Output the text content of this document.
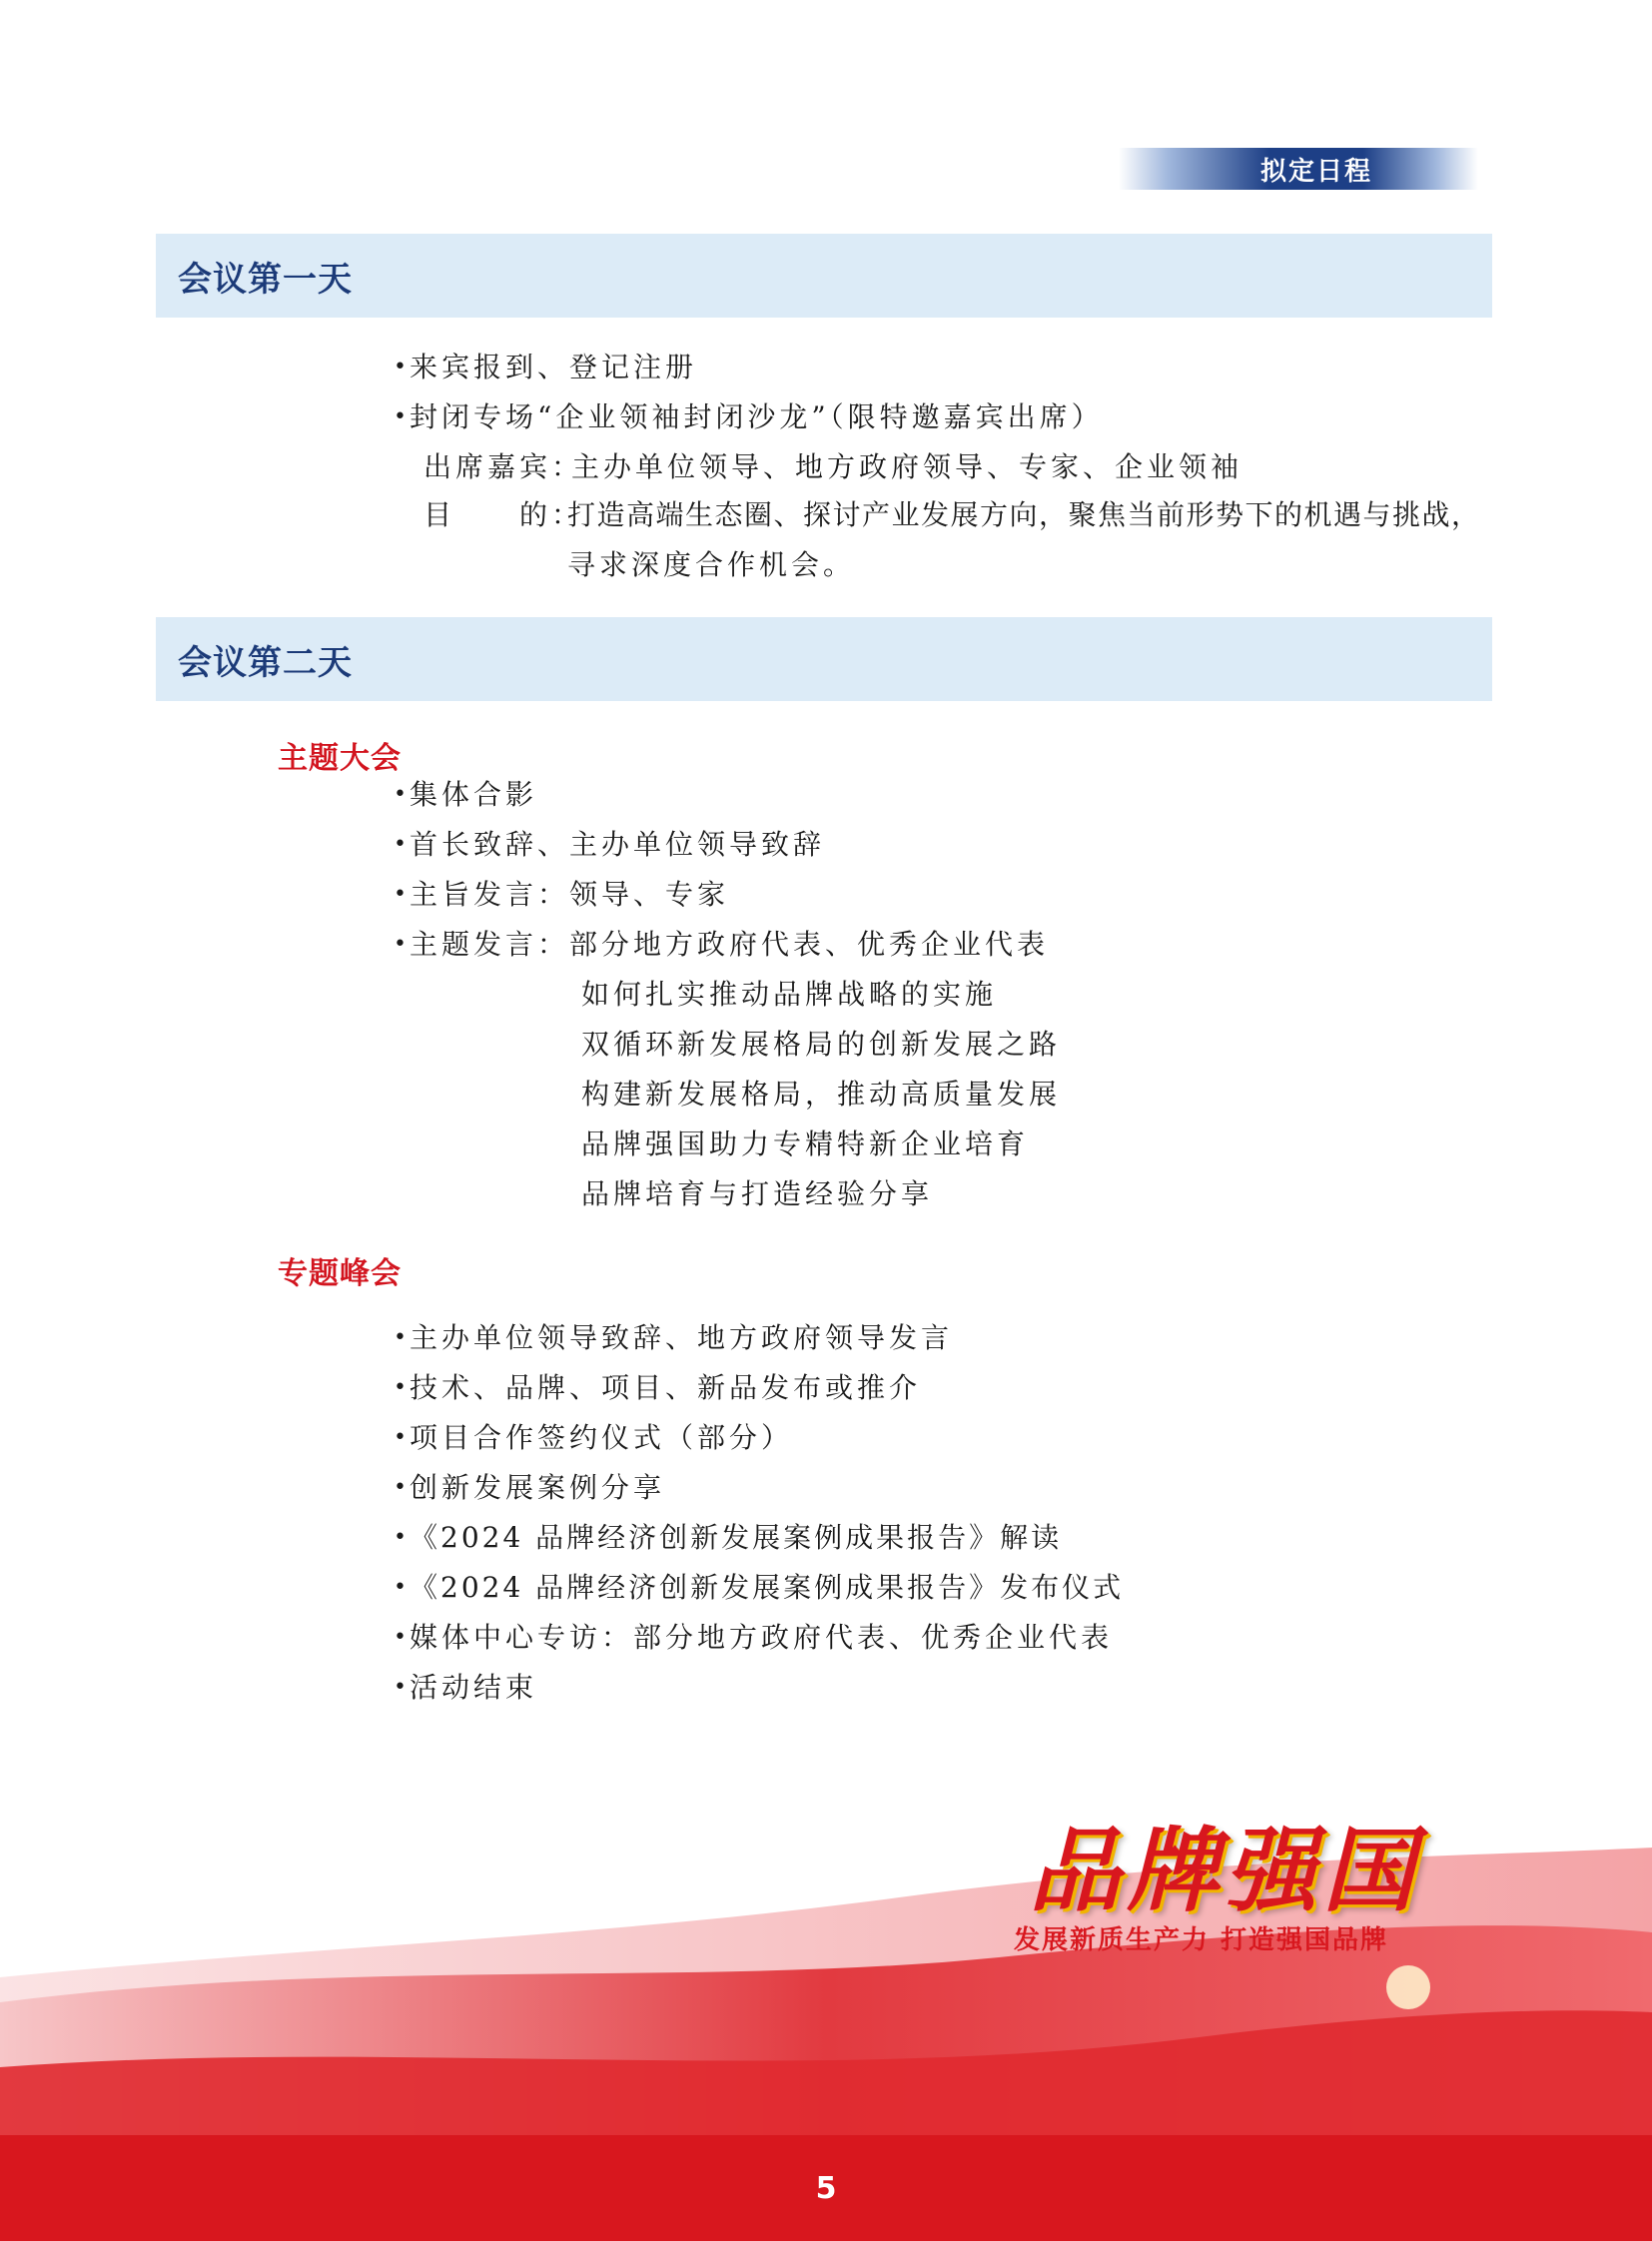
拟定日程
会议第一天
• 来宾报到、登记注册
• 封闭专场“企业领袖封闭沙龙”（限特邀嘉宾出席）
出席嘉宾：
主办单位领导、地方政府领导、专家、企业领袖
目　　的：
打造高端生态圈、探讨产业发展方向，聚焦当前形势下的机遇与挑战，
寻求深度合作机会。
会议第二天
主题大会
• 集体合影
• 首长致辞、主办单位领导致辞
• 主旨发言：领导、专家
• 主题发言：部分地方政府代表、优秀企业代表
如何扎实推动品牌战略的实施
双循环新发展格局的创新发展之路
构建新发展格局，推动高质量发展
品牌强国助力专精特新企业培育
品牌培育与打造经验分享
专题峰会
• 主办单位领导致辞、地方政府领导发言
• 技术、品牌、项目、新品发布或推介
• 项目合作签约仪式（部分）
• 创新发展案例分享
• 《2024 品牌经济创新发展案例成果报告》解读
• 《2024 品牌经济创新发展案例成果报告》发布仪式
• 媒体中心专访：部分地方政府代表、优秀企业代表
• 活动结束
品牌强国
发展新质生产力 打造强国品牌
5
